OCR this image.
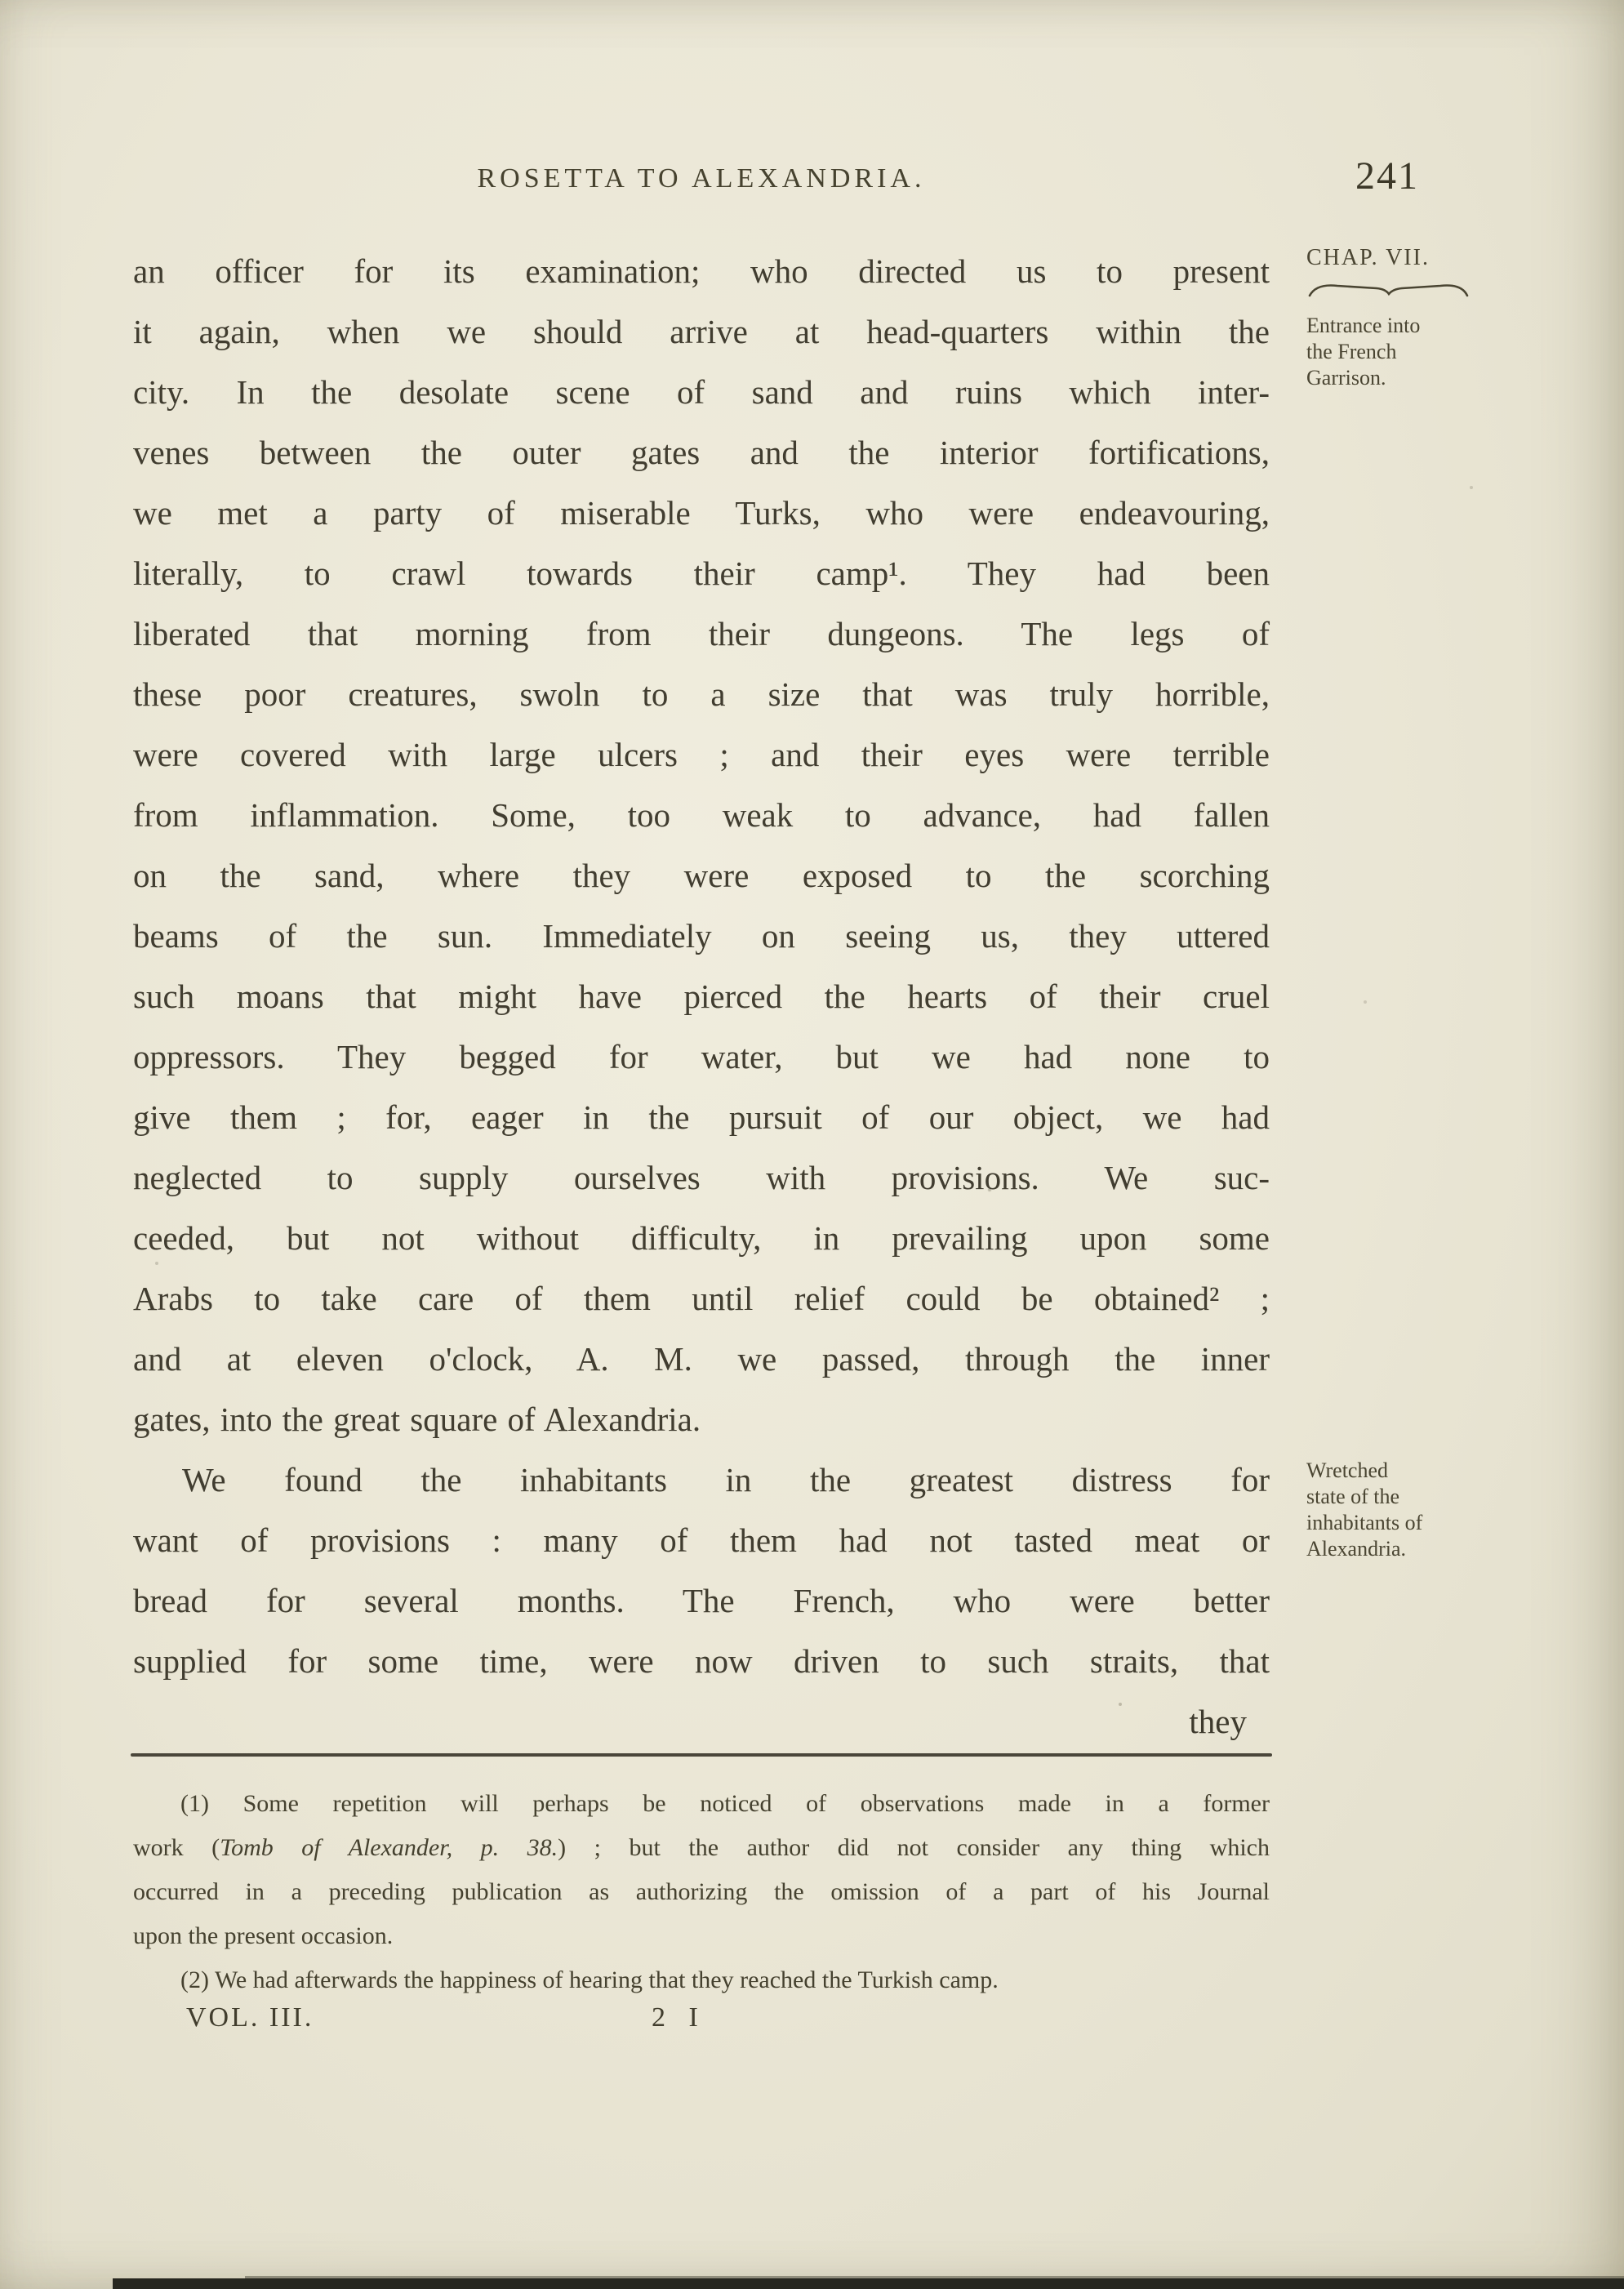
ROSETTA TO ALEXANDRIA.	241
an officer for its examination; who directed us to present
it again, when we should arrive at head-quarters within the
city. In the desolate scene of sand and ruins which inter-
venes between the outer gates and the interior fortifications,
we met a party of miserable Turks, who were endeavouring,
literally, to crawl towards their camp¹. They had been
liberated that morning from their dungeons. The legs of
these poor creatures, swoln to a size that was truly horrible,
were covered with large ulcers ; and their eyes were terrible
from inflammation. Some, too weak to advance, had fallen
on the sand, where they were exposed to the scorching
beams of the sun. Immediately on seeing us, they uttered
such moans that might have pierced the hearts of their cruel
oppressors. They begged for water, but we had none to
give them ; for, eager in the pursuit of our object, we had
neglected to supply ourselves with provisions. We suc-
ceeded, but not without difficulty, in prevailing upon some
Arabs to take care of them until relief could be obtained² ;
and at eleven o'clock, A. M. we passed, through the inner
gates, into the great square of Alexandria.
We found the inhabitants in the greatest distress for
want of provisions : many of them had not tasted meat or
bread for several months. The French, who were better
supplied for some time, were now driven to such straits, that
they
(1) Some repetition will perhaps be noticed of observations made in a former
work (Tomb of Alexander, p. 38.) ; but the author did not consider any thing which
occurred in a preceding publication as authorizing the omission of a part of his Journal
upon the present occasion.
(2) We had afterwards the happiness of hearing that they reached the Turkish camp.
VOL. III.	2 I
CHAP. VII.
Entrance into
the French
Garrison.
Wretched
state of the
inhabitants of
Alexandria.
